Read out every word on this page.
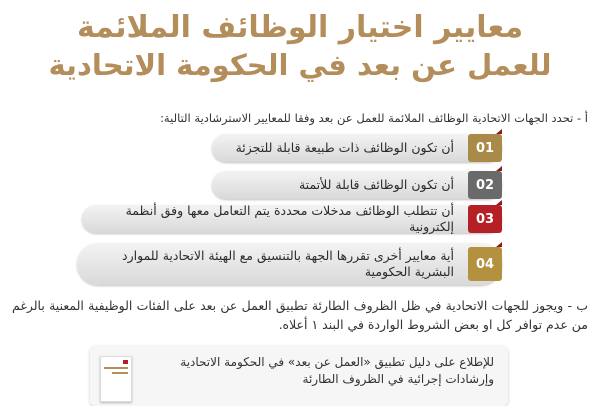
معايير اختيار الوظائف الملائمة
للعمل عن بعد في الحكومة الاتحادية
أ - تحدد الجهات الاتحادية الوظائف الملائمة للعمل عن بعد وفقا للمعايير الاسترشادية التالية:
01
أن تكون الوظائف ذات طبيعة قابلة للتجزئة
02
أن تكون الوظائف قابلة للأتمتة
03
أن تتطلب الوظائف مدخلات محددة يتم التعامل معها وفق أنظمة إلكترونية
04
أية معايير أخرى تقررها الجهة بالتنسيق مع الهيئة الاتحادية للموارد البشرية الحكومية
ب - ويجوز للجهات الاتحادية في ظل الظروف الطارئة تطبيق العمل عن بعد على الفئات الوظيفية المعنية بالرغم من عدم توافر كل او بعض الشروط الواردة في البند ١ أعلاه.
للإطلاع على دليل تطبيق «العمل عن بعد» في الحكومة الاتحادية وإرشادات إجرائية في الظروف الطارئة
